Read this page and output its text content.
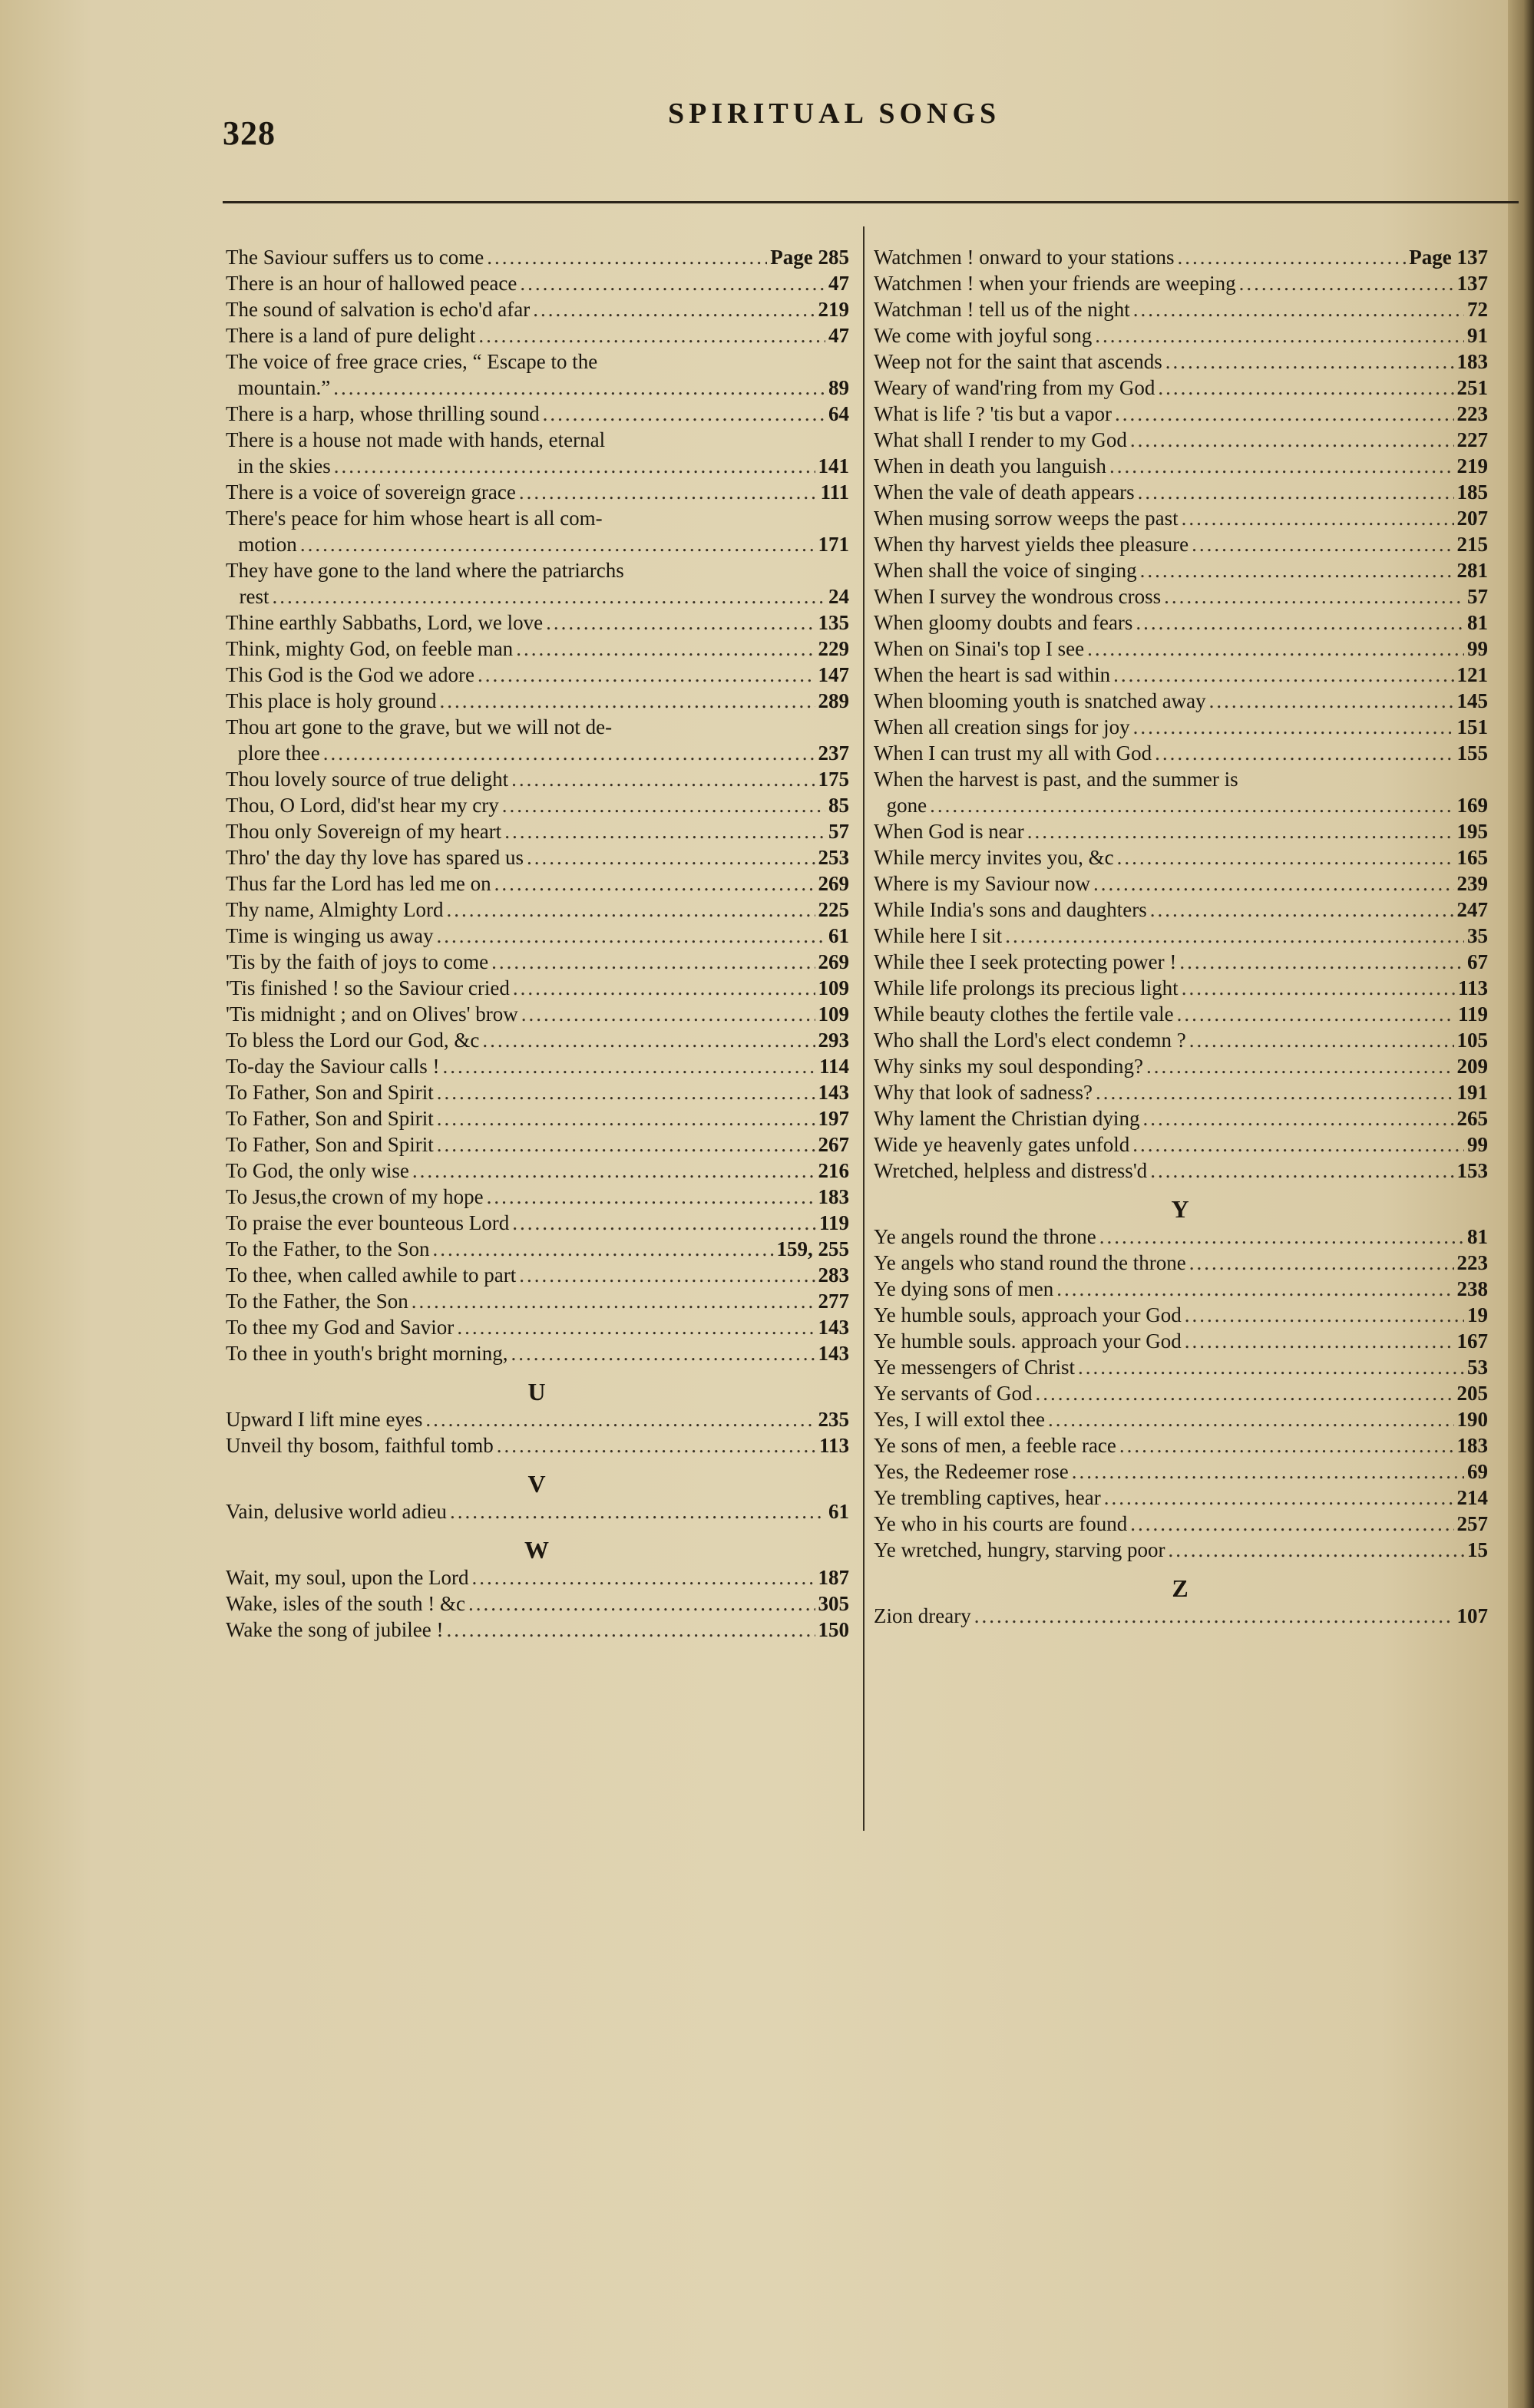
328
SPIRITUAL SONGS
The Saviour suffers us to come .....	Page 285
There is an hour of hallowed peace .....	47
The sound of salvation is echo'd afar .....	219
There is a land of pure delight .....	47
The voice of free grace cries, “ Escape to the
mountain.” .....	89
There is a harp, whose thrilling sound .....	64
There is a house not made with hands, eternal
in the skies .....	141
There is a voice of sovereign grace .....	111
There's peace for him whose heart is all com-
motion .....	171
They have gone to the land where the patriarchs
rest .....	24
Thine earthly Sabbaths, Lord, we love .....	135
Think, mighty God, on feeble man .....	229
This God is the God we adore .....	147
This place is holy ground .....	289
Thou art gone to the grave, but we will not de-
plore thee .....	237
Thou lovely source of true delight .....	175
Thou, O Lord, did'st hear my cry .....	85
Thou only Sovereign of my heart .....	57
Thro' the day thy love has spared us .....	253
Thus far the Lord has led me on .....	269
Thy name, Almighty Lord .....	225
Time is winging us away .....	61
'Tis by the faith of joys to come .....	269
'Tis finished ! so the Saviour cried .....	109
'Tis midnight ; and on Olives' brow .....	109
To bless the Lord our God, &c .....	293
To-day the Saviour calls ! .....	114
To Father, Son and Spirit .....	143
To Father, Son and Spirit .....	197
To Father, Son and Spirit .....	267
To God, the only wise .....	216
To Jesus,the crown of my hope .....	183
To praise the ever bounteous Lord .....	119
To the Father, to the Son .....	159, 255
To thee, when called awhile to part .....	283
To the Father, the Son .....	277
To thee my God and Savior .....	143
To thee in youth's bright morning, .....	143
U
Upward I lift mine eyes .....	235
Unveil thy bosom, faithful tomb .....	113
V
Vain, delusive world adieu .....	61
W
Wait, my soul, upon the Lord .....	187
Wake, isles of the south ! &c .....	305
Wake the song of jubilee ! .....	150
Watchmen ! onward to your stations .....	Page 137
Watchmen ! when your friends are weeping .....	137
Watchman ! tell us of the night .....	72
We come with joyful song .....	91
Weep not for the saint that ascends .....	183
Weary of wand'ring from my God .....	251
What is life ? 'tis but a vapor .....	223
What shall I render to my God .....	227
When in death you languish .....	219
When the vale of death appears .....	185
When musing sorrow weeps the past .....	207
When thy harvest yields thee pleasure .....	215
When shall the voice of singing .....	281
When I survey the wondrous cross .....	57
When gloomy doubts and fears .....	81
When on Sinai's top I see .....	99
When the heart is sad within .....	121
When blooming youth is snatched away .....	145
When all creation sings for joy .....	151
When I can trust my all with God .....	155
When the harvest is past, and the summer is
gone .....	169
When God is near .....	195
While mercy invites you, &c .....	165
Where is my Saviour now .....	239
While India's sons and daughters .....	247
While here I sit .....	35
While thee I seek protecting power ! .....	67
While life prolongs its precious light .....	113
While beauty clothes the fertile vale .....	119
Who shall the Lord's elect condemn ? .....	105
Why sinks my soul desponding? .....	209
Why that look of sadness? .....	191
Why lament the Christian dying .....	265
Wide ye heavenly gates unfold .....	99
Wretched, helpless and distress'd .....	153
Y
Ye angels round the throne .....	81
Ye angels who stand round the throne .....	223
Ye dying sons of men .....	238
Ye humble souls, approach your God .....	19
Ye humble souls. approach your God .....	167
Ye messengers of Christ .....	53
Ye servants of God .....	205
Yes, I will extol thee .....	190
Ye sons of men, a feeble race .....	183
Yes, the Redeemer rose .....	69
Ye trembling captives, hear .....	214
Ye who in his courts are found .....	257
Ye wretched, hungry, starving poor .....	15
Z
Zion dreary .....	107
